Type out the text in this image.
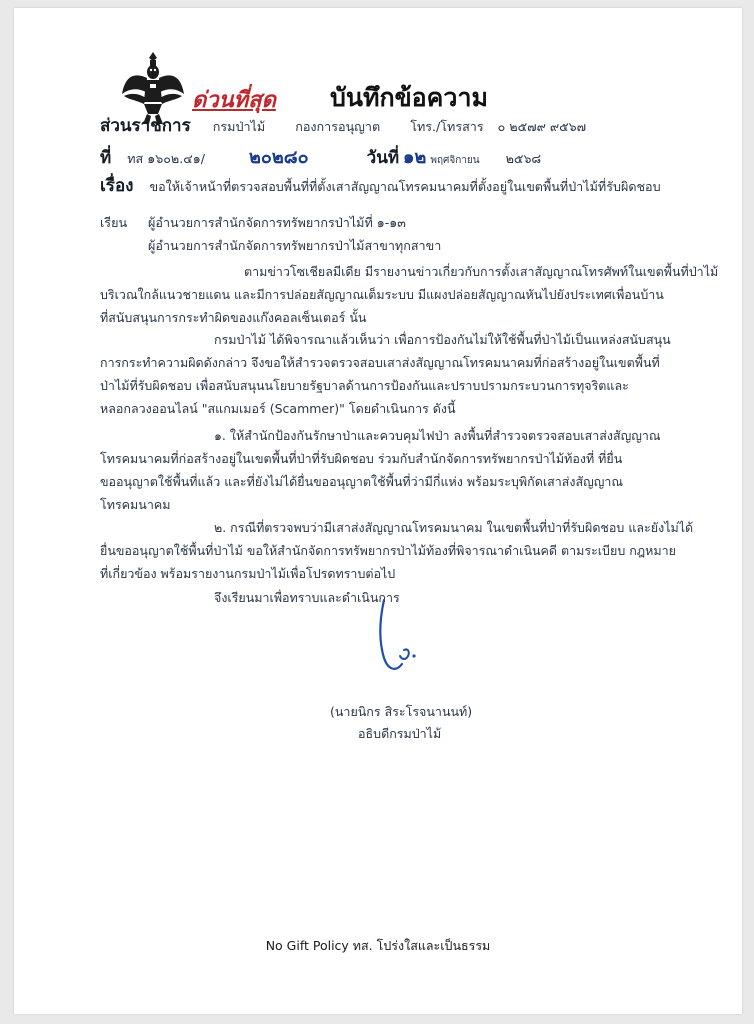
ด่วนที่สุด บันทึกข้อความ
ส่วนราชการ กรมป่าไม้ กองการอนุญาต โทร./โทรสาร ๐ ๒๕๗๙ ๙๕๖๗
ที่ ทส ๑๖๐๒.๔๑/ ๒๐๒๘๐	วันที่ ๑๒ พฤศจิกายน ๒๕๖๘
เรื่อง ขอให้เจ้าหน้าที่ตรวจสอบพื้นที่ที่ตั้งเสาสัญญาณโทรคมนาคมที่ตั้งอยู่ในเขตพื้นที่ป่าไม้ที่รับผิดชอบ
เรียน ผู้อำนวยการสำนักจัดการทรัพยากรป่าไม้ที่ ๑-๑๓
ผู้อำนวยการสำนักจัดการทรัพยากรป่าไม้สาขาทุกสาขา
ตามข่าวโซเชียลมีเดีย มีรายงานข่าวเกี่ยวกับการตั้งเสาสัญญาณโทรศัพท์ในเขตพื้นที่ป่าไม้
บริเวณใกล้แนวชายแดน และมีการปล่อยสัญญาณเต็มระบบ มีแผงปล่อยสัญญาณหันไปยังประเทศเพื่อนบ้าน
ที่สนับสนุนการกระทำผิดของแก๊งคอลเซ็นเตอร์ นั้น
กรมป่าไม้ ได้พิจารณาแล้วเห็นว่า เพื่อการป้องกันไม่ให้ใช้พื้นที่ป่าไม้เป็นแหล่งสนับสนุน
การกระทำความผิดดังกล่าว จึงขอให้สำรวจตรวจสอบเสาส่งสัญญาณโทรคมนาคมที่ก่อสร้างอยู่ในเขตพื้นที่
ป่าไม้ที่รับผิดชอบ เพื่อสนับสนุนนโยบายรัฐบาลด้านการป้องกันและปราบปรามกระบวนการทุจริตและ
หลอกลวงออนไลน์ "สแกมเมอร์ (Scammer)" โดยดำเนินการ ดังนี้
๑. ให้สำนักป้องกันรักษาป่าและควบคุมไฟป่า ลงพื้นที่สำรวจตรวจสอบเสาส่งสัญญาณ
โทรคมนาคมที่ก่อสร้างอยู่ในเขตพื้นที่ป่าที่รับผิดชอบ ร่วมกับสำนักจัดการทรัพยากรป่าไม้ท้องที่ ที่ยื่น
ขออนุญาตใช้พื้นที่แล้ว และที่ยังไม่ได้ยื่นขออนุญาตใช้พื้นที่ว่ามีกี่แห่ง พร้อมระบุพิกัดเสาส่งสัญญาณ
โทรคมนาคม
๒. กรณีที่ตรวจพบว่ามีเสาส่งสัญญาณโทรคมนาคม ในเขตพื้นที่ป่าที่รับผิดชอบ และยังไม่ได้
ยื่นขออนุญาตใช้พื้นที่ป่าไม้ ขอให้สำนักจัดการทรัพยากรป่าไม้ท้องที่พิจารณาดำเนินคดี ตามระเบียบ กฎหมาย
ที่เกี่ยวข้อง พร้อมรายงานกรมป่าไม้เพื่อโปรดทราบต่อไป
จึงเรียนมาเพื่อทราบและดำเนินการ
(นายนิกร สิระโรจนานนท์)
อธิบดีกรมป่าไม้
No Gift Policy ทส. โปร่งใสและเป็นธรรม
